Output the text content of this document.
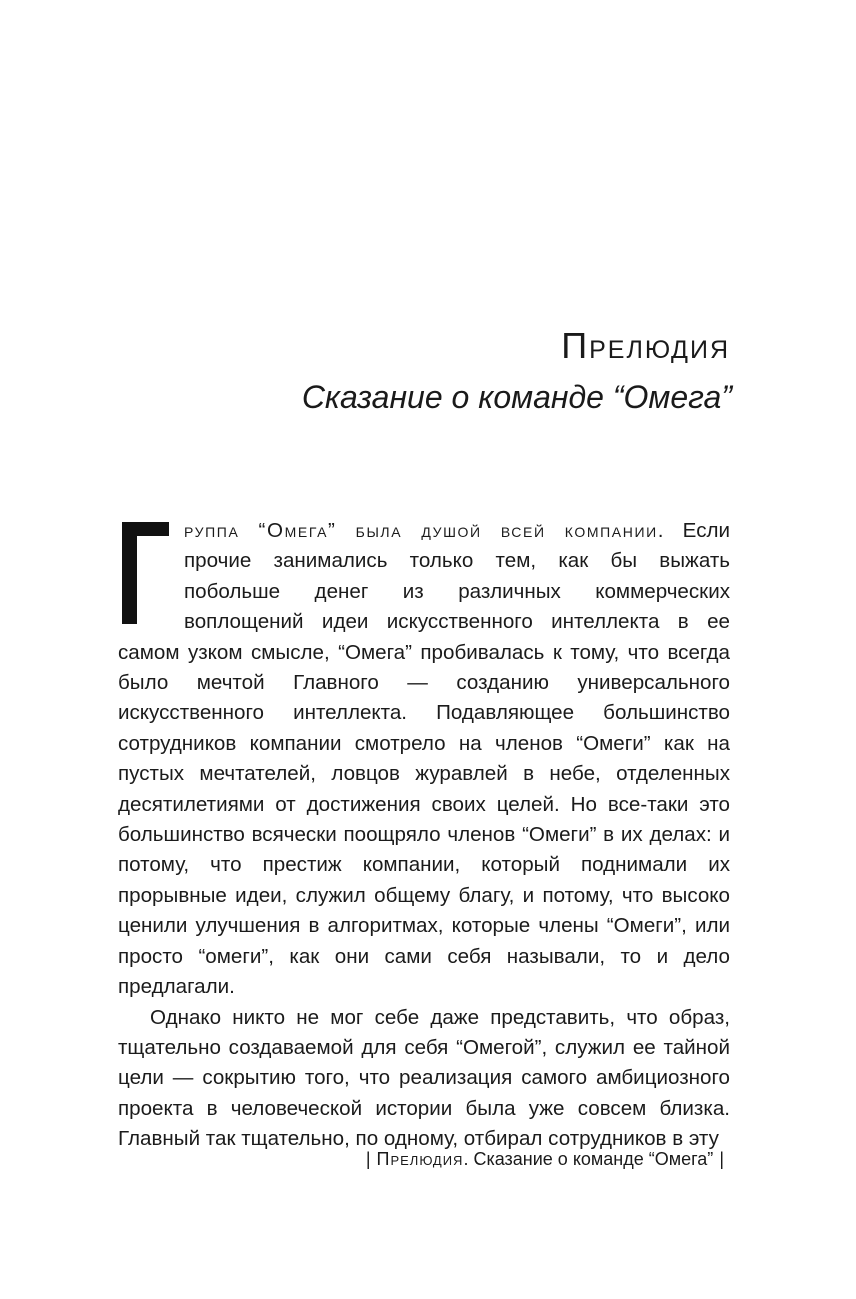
Прелюдия
Сказание о команде “Омега”

руппа “Омега” была душой всей компании. Если прочие занимались только тем, как бы выжать побольше денег из различных коммерческих воплощений идеи искусственного интеллекта в ее самом узком смысле, “Омега” пробивалась к тому, что всегда было мечтой Главного — созданию универсального искусственного интеллекта. Подавляющее большинство сотрудников компании смотрело на членов “Омеги” как на пустых мечтателей, ловцов журавлей в небе, отделенных десятилетиями от достижения своих целей. Но все-таки это большинство всячески поощряло членов “Омеги” в их делах: и потому, что престиж компании, который поднимали их прорывные идеи, служил общему благу, и потому, что высоко ценили улучшения в алгоритмах, которые члены “Омеги”, или просто “омеги”, как они сами себя называли, то и дело предлагали.

Однако никто не мог себе даже представить, что образ, тщательно создаваемой для себя “Омегой”, служил ее тайной цели — сокрытию того, что реализация самого амбициозного проекта в человеческой истории была уже совсем близка. Главный так тщательно, по одному, отбирал сотрудников в эту

| Прелюдия. Сказание о команде “Омега” |
